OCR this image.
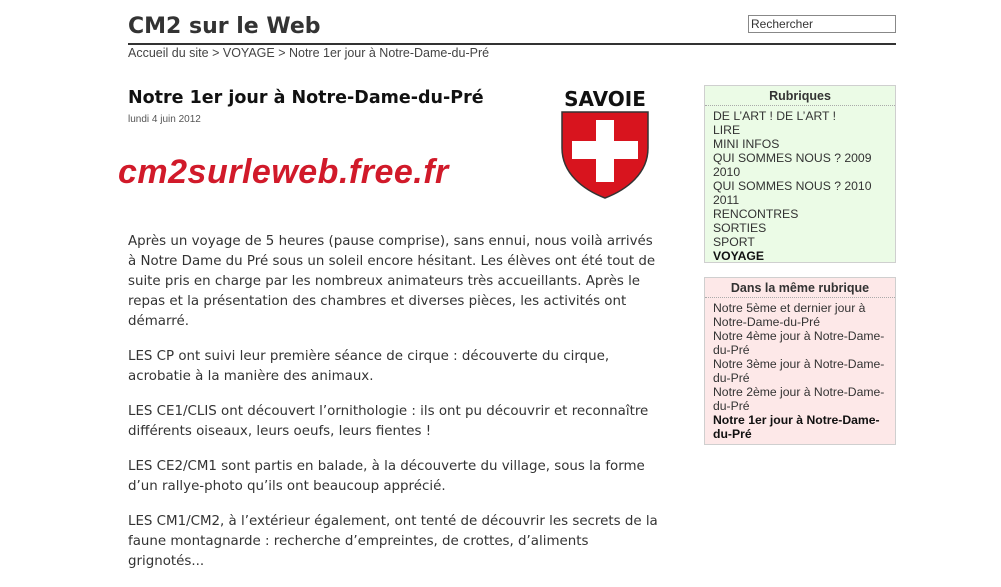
CM2 sur le Web
Rechercher
Accueil du site > VOYAGE > Notre 1er jour à Notre-Dame-du-Pré
Notre 1er jour à Notre-Dame-du-Pré
lundi 4 juin 2012
cm2surleweb.free.fr
SAVOIE

Après un voyage de 5 heures (pause comprise), sans ennui, nous voilà arrivés à Notre Dame du Pré sous un soleil encore hésitant. Les élèves ont été tout de suite pris en charge par les nombreux animateurs très accueillants. Après le repas et la présentation des chambres et diverses pièces, les activités ont démarré.

LES CP ont suivi leur première séance de cirque : découverte du cirque, acrobatie à la manière des animaux.

LES CE1/CLIS ont découvert l’ornithologie : ils ont pu découvrir et reconnaître différents oiseaux, leurs oeufs, leurs fientes !

LES CE2/CM1 sont partis en balade, à la découverte du village, sous la forme d’un rallye-photo qu’ils ont beaucoup apprécié.

LES CM1/CM2, à l’extérieur également, ont tenté de découvrir les secrets de la faune montagnarde : recherche d’empreintes, de crottes, d’aliments grignotés...

Rubriques
DE L’ART ! DE L’ART !
LIRE
MINI INFOS
QUI SOMMES NOUS ? 2009 2010
QUI SOMMES NOUS ? 2010 2011
RENCONTRES
SORTIES
SPORT
VOYAGE
Dans la même rubrique
Notre 5ème et dernier jour à Notre-Dame-du-Pré
Notre 4ème jour à Notre-Dame-du-Pré
Notre 3ème jour à Notre-Dame-du-Pré
Notre 2ème jour à Notre-Dame-du-Pré
Notre 1er jour à Notre-Dame-du-Pré
